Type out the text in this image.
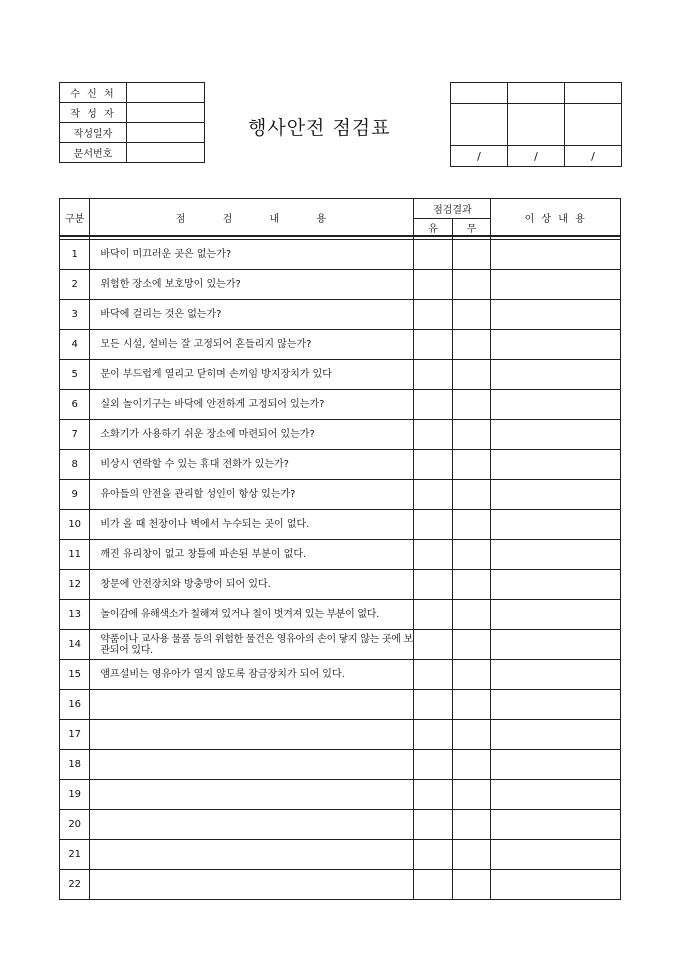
수 신 처	
작 성 자	
작성일자	
문서번호	
행사안전 점검표

/	/	/
구분	점 검 내 용	점검결과		이 상 내 용
		유	무	

1	바닥이 미끄러운 곳은 없는가?			
2	위험한 장소에 보호망이 있는가?			
3	바닥에 걸리는 것은 없는가?			
4	모든 시설, 설비는 잘 고정되어 흔들리지 않는가?			
5	문이 부드럽게 열리고 닫히며 손끼임 방지장치가 있다			
6	실외 놀이기구는 바닥에 안전하게 고정되어 있는가?			
7	소화기가 사용하기 쉬운 장소에 마련되어 있는가?			
8	비상시 연락할 수 있는 휴대 전화가 있는가?			
9	유아들의 안전을 관리할 성인이 항상 있는가?			
10	비가 올 때 천장이나 벽에서 누수되는 곳이 없다.			
11	깨진 유리창이 없고 창틀에 파손된 부분이 없다.			
12	창문에 안전장치와 방충망이 되어 있다.			
13	놀이감에 유해색소가 칠해져 있거나 칠이 벗겨져 있는 부분이 없다.			
14	약품이나 교사용 물품 등의 위험한 물건은 영유아의 손이 닿지 않는 곳에 보관되어 있다.			
15	앰프설비는 영유아가 열지 않도록 잠금장치가 되어 있다.			
16				
17				
18				
19				
20				
21				
22				
